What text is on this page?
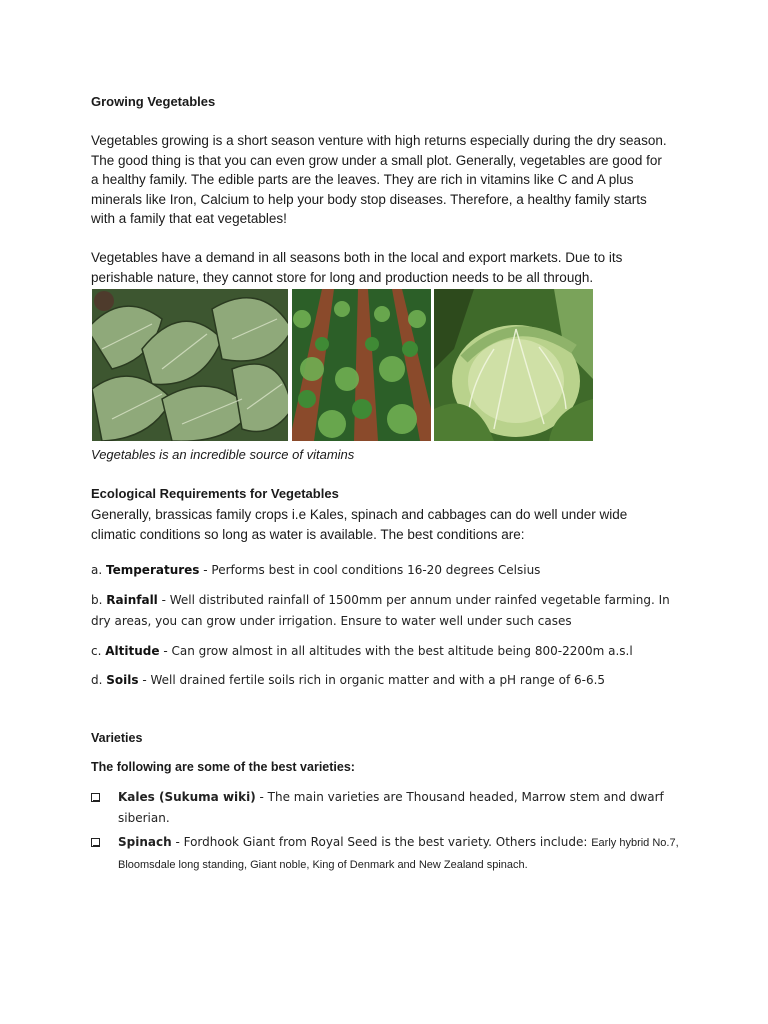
Growing Vegetables
Vegetables growing is a short season venture with high returns especially during the dry season. The good thing is that you can even grow under a small plot. Generally, vegetables are good for a healthy family. The edible parts are the leaves. They are rich in vitamins like C and A plus minerals like Iron, Calcium to help your body stop diseases. Therefore, a healthy family starts with a family that eat vegetables!
Vegetables have a demand in all seasons both in the local and export markets. Due to its perishable nature, they cannot store for long and production needs to be all through.
Vegetables is an incredible source of vitamins
Ecological Requirements for Vegetables
Generally, brassicas family crops i.e Kales, spinach and cabbages can do well under wide climatic conditions so long as water is available. The best conditions are:
a. Temperatures - Performs best in cool conditions 16-20 degrees Celsius
b. Rainfall - Well distributed rainfall of 1500mm per annum under rainfed vegetable farming. In dry areas, you can grow under irrigation. Ensure to water well under such cases
c. Altitude - Can grow almost in all altitudes with the best altitude being 800-2200m a.s.l
d. Soils - Well drained fertile soils rich in organic matter and with a pH range of 6-6.5
Varieties
The following are some of the best varieties:
Kales (Sukuma wiki) - The main varieties are Thousand headed, Marrow stem and dwarf siberian.
Spinach - Fordhook Giant from Royal Seed is the best variety. Others include: Early hybrid No.7, Bloomsdale long standing, Giant noble, King of Denmark and New Zealand spinach.
